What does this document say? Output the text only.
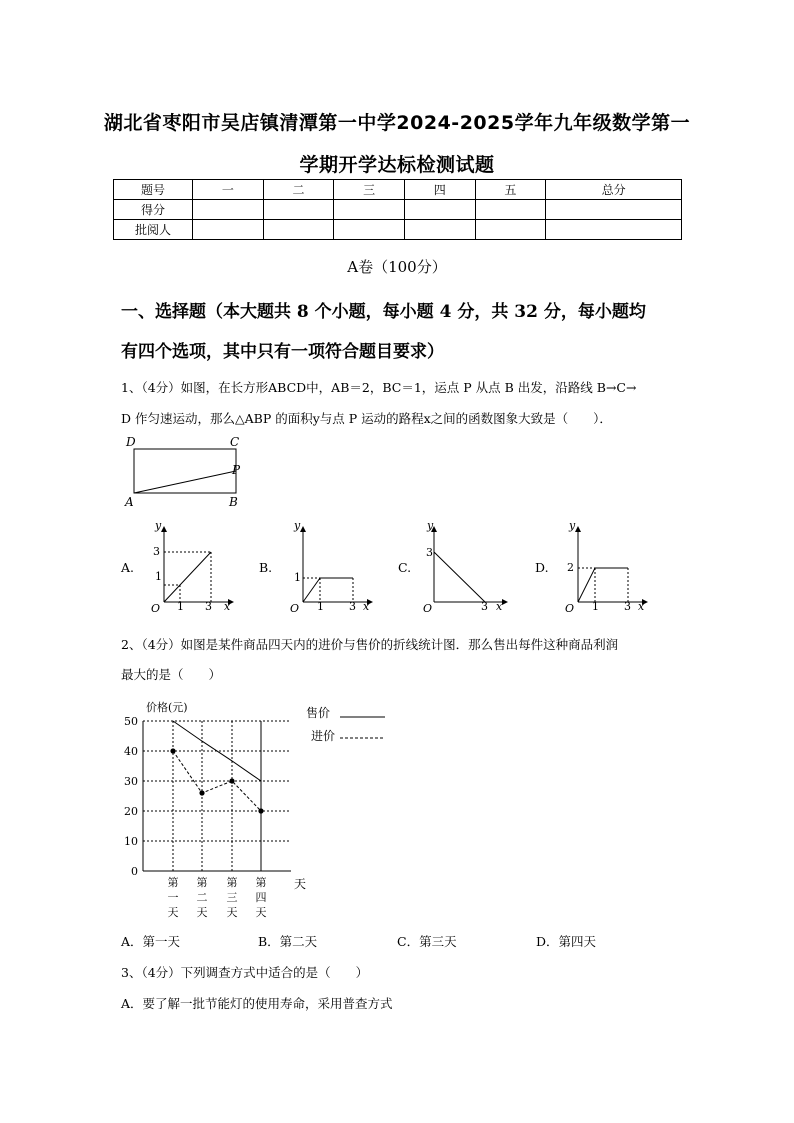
湖北省枣阳市吴店镇清潭第一中学2024-2025学年九年级数学第一
学期开学达标检测试题
题号	一	二	三	四	五	总分
得分						
批阅人						
A卷（100分）
一、选择题（本大题共 8 个小题，每小题 4 分，共 32 分，每小题均
有四个选项，其中只有一项符合题目要求）
1、（4分）如图，在长方形ABCD中，AB＝2，BC＝1，运点 P 从点 B 出发，沿路线 B→C→
D 作匀速运动，那么△ABP 的面积y与点 P 运动的路程x之间的函数图象大致是（　　）．
D	C
P
A	B
A.
y
x
O
3
1
1 3
B.
y
x
O
1
1 3
C.
y
x
O
3
3
D.
y
x
O
2
1 3
2、（4分）如图是某件商品四天内的进价与售价的折线统计图．那么售出每件这种商品利润
最大的是（　　）
0
10
20
30
40
50
第
一
天
第
二
天
第
三
天
第
四
天
价格(元)
天
售价
进价
A．第一天	B．第二天	C．第三天	D．第四天
3、（4分）下列调查方式中适合的是（　　）
A．要了解一批节能灯的使用寿命，采用普查方式
